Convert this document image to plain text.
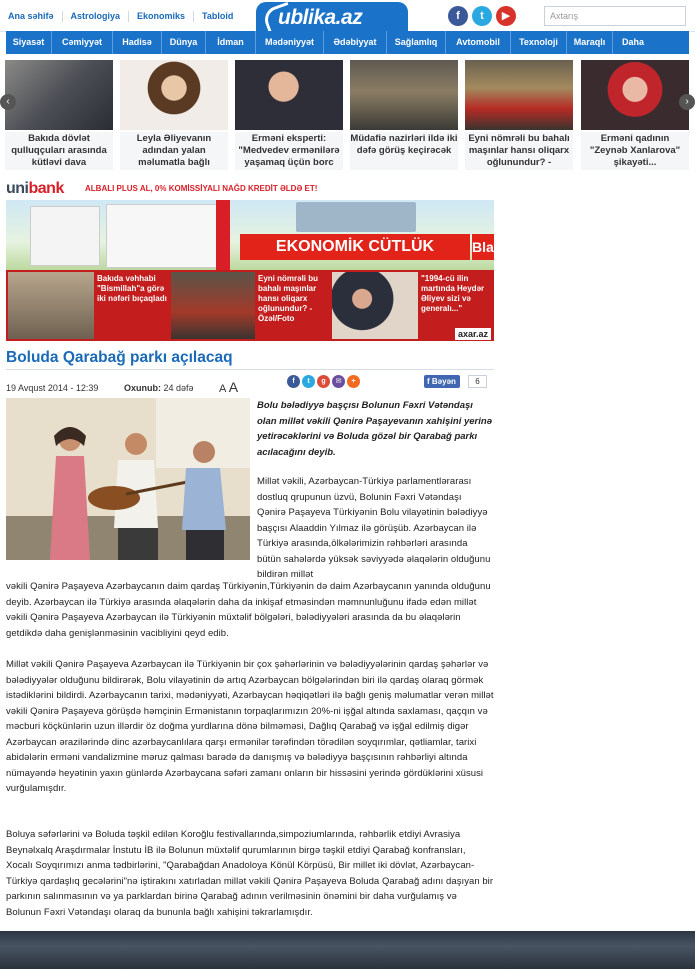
Ana səhifə	Astrologiya	Ekonomiks	Tabloid	ublika.az	f	t	▶	Axtarış
Siyasət	Cəmiyyət	Hadisə	Dünya	İdman	Mədəniyyət	Ədəbiyyat	Sağlamlıq	Avtomobil	Texnoloji	Maraqlı	Daha
Bakıda dövlət qulluqçuları arasında kütləvi dava
Leyla Əliyevanın adından yalan məlumatla bağlı
Erməni eksperti: "Medvedev ermənilərə yaşamaq üçün borc
Müdafiə nazirləri ildə iki dəfə görüş keçirəcək
Eyni nömrəli bu bahalı maşınlar hansı oliqarx oğlunundur? -
Erməni qadının "Zeynəb Xanlarova" şikayəti...
‹	›
unibank	ALBALI PLUS AL, 0% KOMİSSİYALI NAĞD KREDİT ƏLDƏ ET!
EKONOMİK CÜTLÜK	Bla
Bakıda vəhhabi "Bismillah"a görə iki nəfəri bıçaqladı
Eyni nömrəli bu bahalı maşınlar hansı oliqarx oğlunundur? - Özəl/Foto
"1994-cü ilin martında Heydər Əliyev sizi və generalı..."
axar.az
Boluda Qarabağ parkı açılacaq
19 Avqust 2014 - 12:39	Oxunub: 24 dəfə A A	f	t	g	✉	+	f Bəyən	6
Bolu bələdiyyə başçısı Bolunun Fəxri Vətəndaşı olan millət vəkili Qənirə Paşayevanın xahişini yerinə yetirəcəklərini və Boluda gözəl bir Qarabağ parkı acılacağını deyib.
Millət vəkili, Azərbaycan-Türkiyə parlamentlərarası dostluq qrupunun üzvü, Bolunin Fəxri Vətəndaşı Qənirə Paşayeva Türkiyənin Bolu vilayətinin bələdiyyə başçısı Alaaddin Yılmaz ilə görüşüb. Azərbaycan ilə Türkiyə arasında,ölkələrimizin rəhbərləri arasında bütün sahələrdə yüksək səviyyədə əlaqələrin olduğunu bildirən millət
vəkili Qənirə Paşayeva Azərbaycanın daim qardaş Türkiyənin,Türkiyənin də daim Azərbaycanın yanında olduğunu deyib. Azərbaycan ilə Türkiyə arasında əlaqələrin daha da inkişaf etməsindən məmnunluğunu ifadə edən millət vəkili Qənirə Paşayeva Azərbaycan ilə Türkiyənin müxtəlif bölgələri, bələdiyyələri arasında da bu əlaqələrin getdikdə daha genişlənməsinin vacibliyini qeyd edib.
Millət vəkili Qənirə Paşayeva Azərbaycan ilə Türkiyənin bir çox şəhərlərinin və bələdiyyələrinin qardaş şəhərlər və bələdiyyələr olduğunu bildirərək, Bolu vilayətinin də artıq Azərbaycan bölgələrindən biri ilə qardaş olaraq görmək istədiklərini bildirdi. Azərbaycanın tarixi, mədəniyyəti, Azərbaycan həqiqətləri ilə bağlı geniş məlumatlar verən millət vəkili Qənirə Paşayeva görüşdə həmçinin Ermənistanın torpaqlarımızın 20%-ni işğal altında saxlaması, qaçqın və məcburi köçkünlərin uzun illərdir öz doğma yurdlarına dönə bilməməsi, Dağlıq Qarabağ və işğal edilmiş digər Azərbaycan ərazilərində dinc azərbaycanlılara qarşı ermənilər tərəfindən törədilən soyqırımlar, qətliamlar, tarixi abidələrin erməni vandalizmine məruz qalması barədə də danışmış və bələdiyyə başçısının rəhbərliyi altında nümayəndə heyətinin yaxın günlərdə Azərbaycana səfəri zamanı onların bir hissəsini yerində gördüklərini xüsusi vurğulamışdır.
Boluya səfərlərini və Boluda təşkil edilən Koroğlu festivallarında,simpoziumlarında, rəhbərlik etdiyi Avrasiya Beynəlxalq Araşdırmalar İnstutu İB ilə Bolunun müxtəlif qurumlarının birgə təşkil etdiyi Qarabağ konfransları, Xocalı Soyqırımızı anma tədbirlərini, "Qarabağdan Anadoloya Könül Körpüsü, Bir millet iki dövlət, Azərbaycan-Türkiyə qardaşlıq gecələrini"nə iştirakını xatırladan millət vəkili Qənirə Paşayeva Boluda Qarabağ adını daşıyan bir parkının salınmasının və ya parklardan birinə Qarabağ adının verilməsinin önəmini bir daha vurğulamış və Bolunun Fəxri Vətəndaşı olaraq da bununla bağlı xahişini təkrarlamışdır.
